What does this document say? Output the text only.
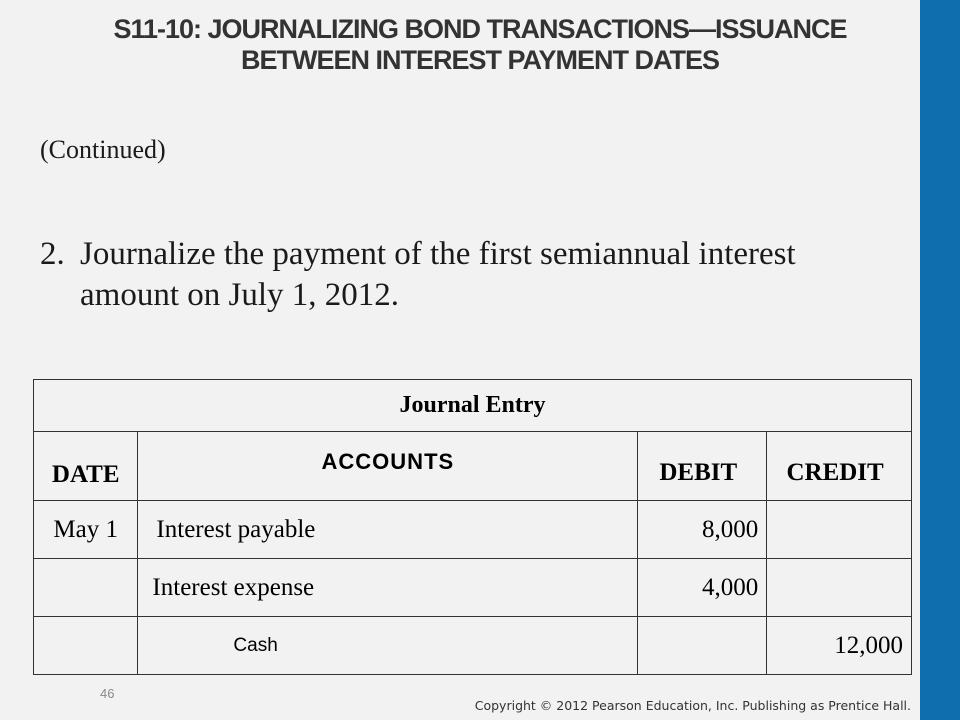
S11-10: JOURNALIZING BOND TRANSACTIONS—ISSUANCE
BETWEEN INTEREST PAYMENT DATES
(Continued)
2. Journalize the payment of the first semiannual interest amount on July 1, 2012.
Journal Entry			
DATE	ACCOUNTS	DEBIT	CREDIT
May 1	Interest payable	8,000	
	Interest expense	4,000	
	Cash		12,000
46
Copyright © 2012 Pearson Education, Inc. Publishing as Prentice Hall.
